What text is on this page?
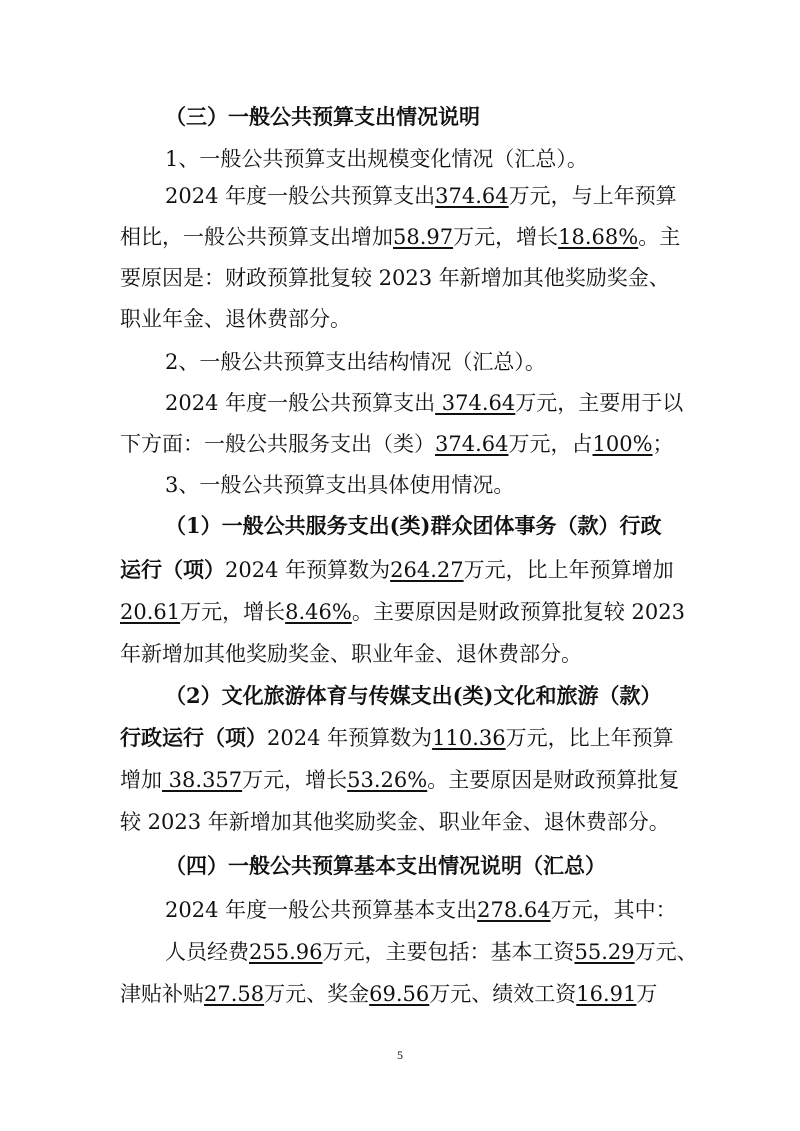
（三）一般公共预算支出情况说明
1、一般公共预算支出规模变化情况（汇总）。
2024 年度一般公共预算支出374.64万元，与上年预算
相比，一般公共预算支出增加58.97万元，增长18.68%。主
要原因是：财政预算批复较 2023 年新增加其他奖励奖金、
职业年金、退休费部分。
2、一般公共预算支出结构情况（汇总）。
2024 年度一般公共预算支出 374.64万元，主要用于以
下方面：一般公共服务支出（类）374.64万元，占100%；
3、一般公共预算支出具体使用情况。
（1）一般公共服务支出(类)群众团体事务（款）行政
运行（项）2024 年预算数为264.27万元，比上年预算增加
20.61万元，增长8.46%。主要原因是财政预算批复较 2023
年新增加其他奖励奖金、职业年金、退休费部分。
（2）文化旅游体育与传媒支出(类)文化和旅游（款）
行政运行（项）2024 年预算数为110.36万元，比上年预算
增加 38.357万元，增长53.26%。主要原因是财政预算批复
较 2023 年新增加其他奖励奖金、职业年金、退休费部分。
（四）一般公共预算基本支出情况说明（汇总）
2024 年度一般公共预算基本支出278.64万元，其中：
人员经费255.96万元，主要包括：基本工资55.29万元、
津贴补贴27.58万元、奖金69.56万元、绩效工资16.91万
5
